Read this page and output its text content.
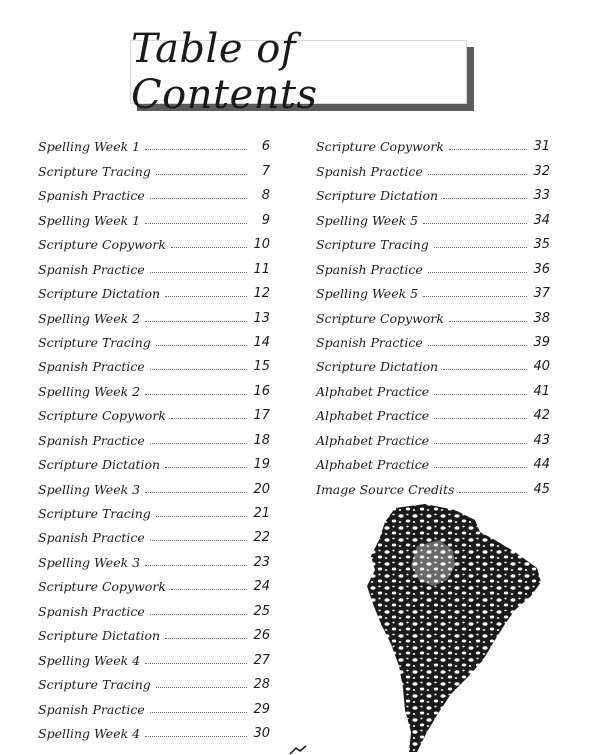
Table of Contents
Spelling Week 1	6
Scripture Tracing	7
Spanish Practice	8
Spelling Week 1	9
Scripture Copywork	10
Spanish Practice	11
Scripture Dictation	12
Spelling Week 2	13
Scripture Tracing	14
Spanish Practice	15
Spelling Week 2	16
Scripture Copywork	17
Spanish Practice	18
Scripture Dictation	19
Spelling Week 3	20
Scripture Tracing	21
Spanish Practice	22
Spelling Week 3	23
Scripture Copywork	24
Spanish Practice	25
Scripture Dictation	26
Spelling Week 4	27
Scripture Tracing	28
Spanish Practice	29
Spelling Week 4	30
Scripture Copywork	31
Spanish Practice	32
Scripture Dictation	33
Spelling Week 5	34
Scripture Tracing	35
Spanish Practice	36
Spelling Week 5	37
Scripture Copywork	38
Spanish Practice	39
Scripture Dictation	40
Alphabet Practice	41
Alphabet Practice	42
Alphabet Practice	43
Alphabet Practice	44
Image Source Credits	45
